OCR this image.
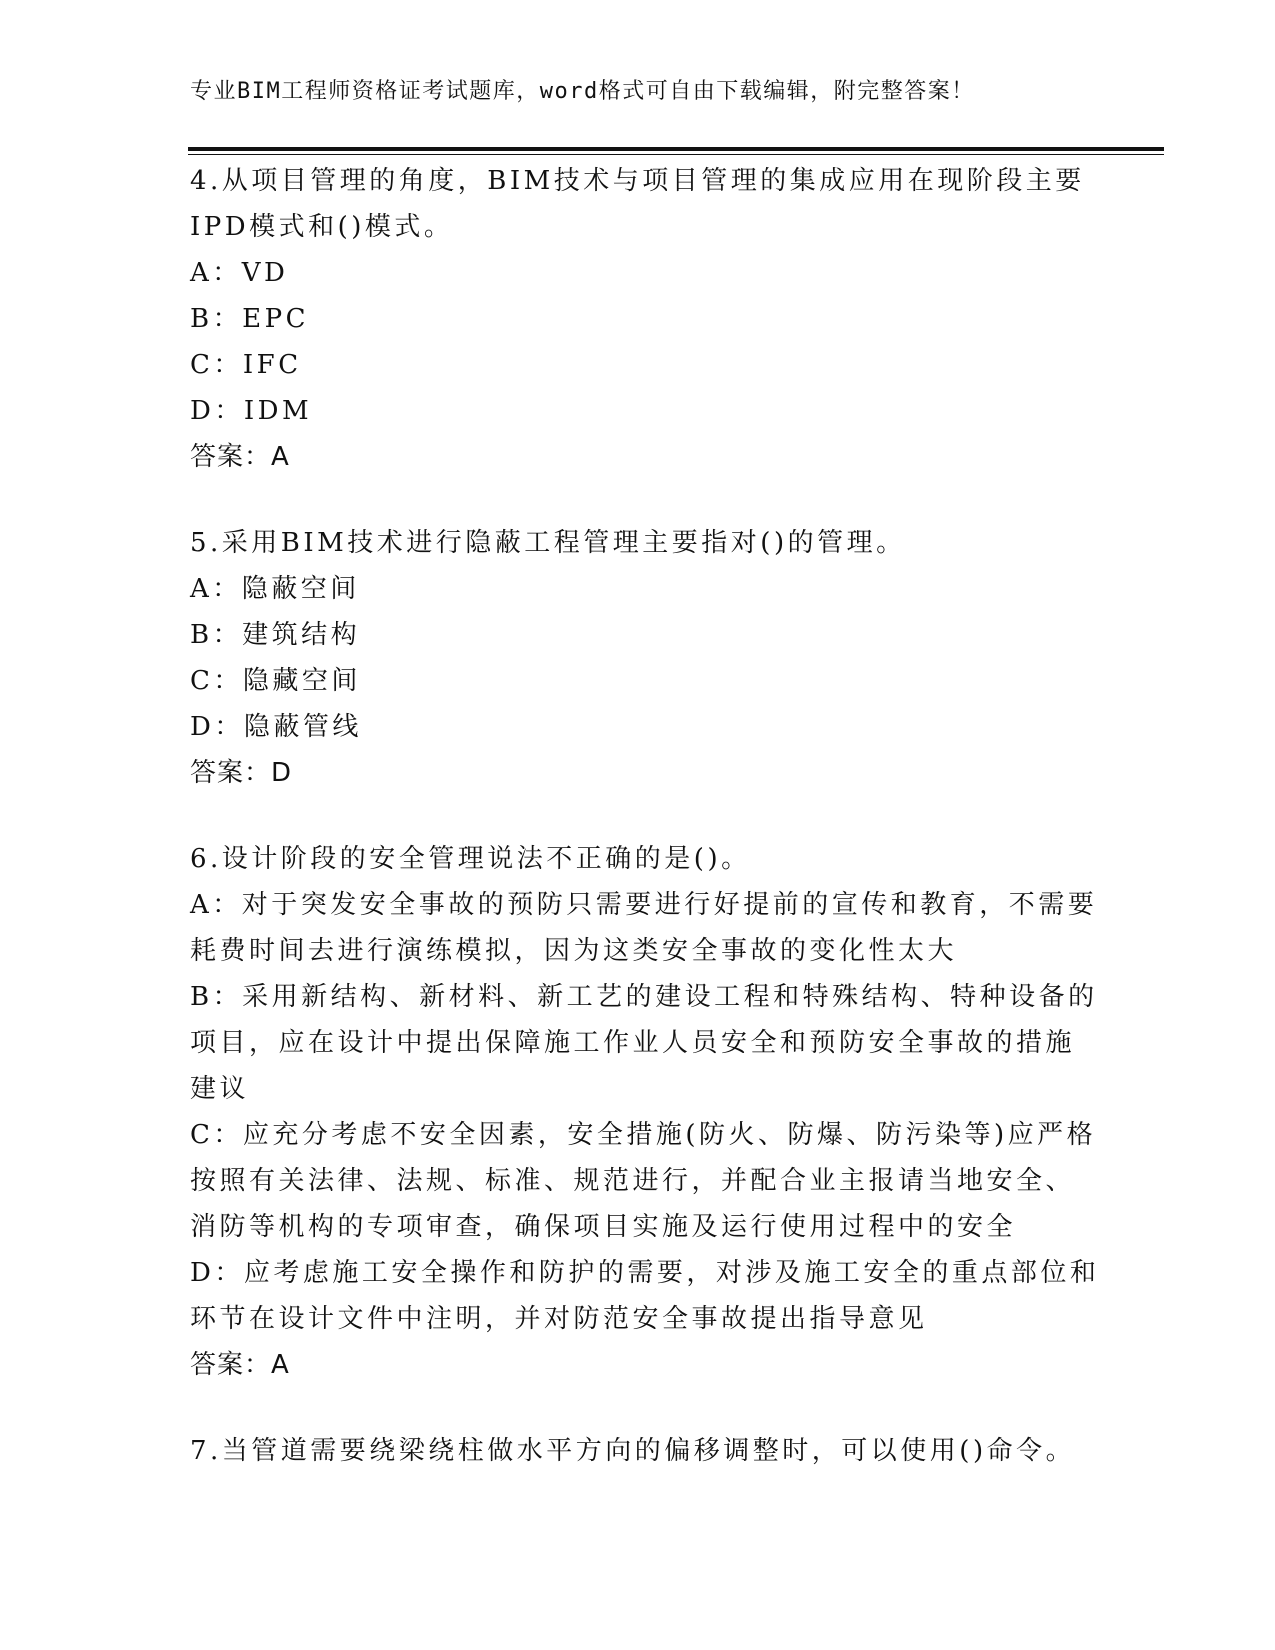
专业BIM工程师资格证考试题库，word格式可自由下载编辑，附完整答案！
4.从项目管理的角度，BIM技术与项目管理的集成应用在现阶段主要
IPD模式和()模式。
A：VD
B：EPC
C：IFC
D：IDM
答案：A
5.采用BIM技术进行隐蔽工程管理主要指对()的管理。
A：隐蔽空间
B：建筑结构
C：隐藏空间
D：隐蔽管线
答案：D
6.设计阶段的安全管理说法不正确的是()。
A：对于突发安全事故的预防只需要进行好提前的宣传和教育，不需要
耗费时间去进行演练模拟，因为这类安全事故的变化性太大
B：采用新结构、新材料、新工艺的建设工程和特殊结构、特种设备的
项目，应在设计中提出保障施工作业人员安全和预防安全事故的措施
建议
C：应充分考虑不安全因素，安全措施(防火、防爆、防污染等)应严格
按照有关法律、法规、标准、规范进行，并配合业主报请当地安全、
消防等机构的专项审查，确保项目实施及运行使用过程中的安全
D：应考虑施工安全操作和防护的需要，对涉及施工安全的重点部位和
环节在设计文件中注明，并对防范安全事故提出指导意见
答案：A
7.当管道需要绕梁绕柱做水平方向的偏移调整时，可以使用()命令。
